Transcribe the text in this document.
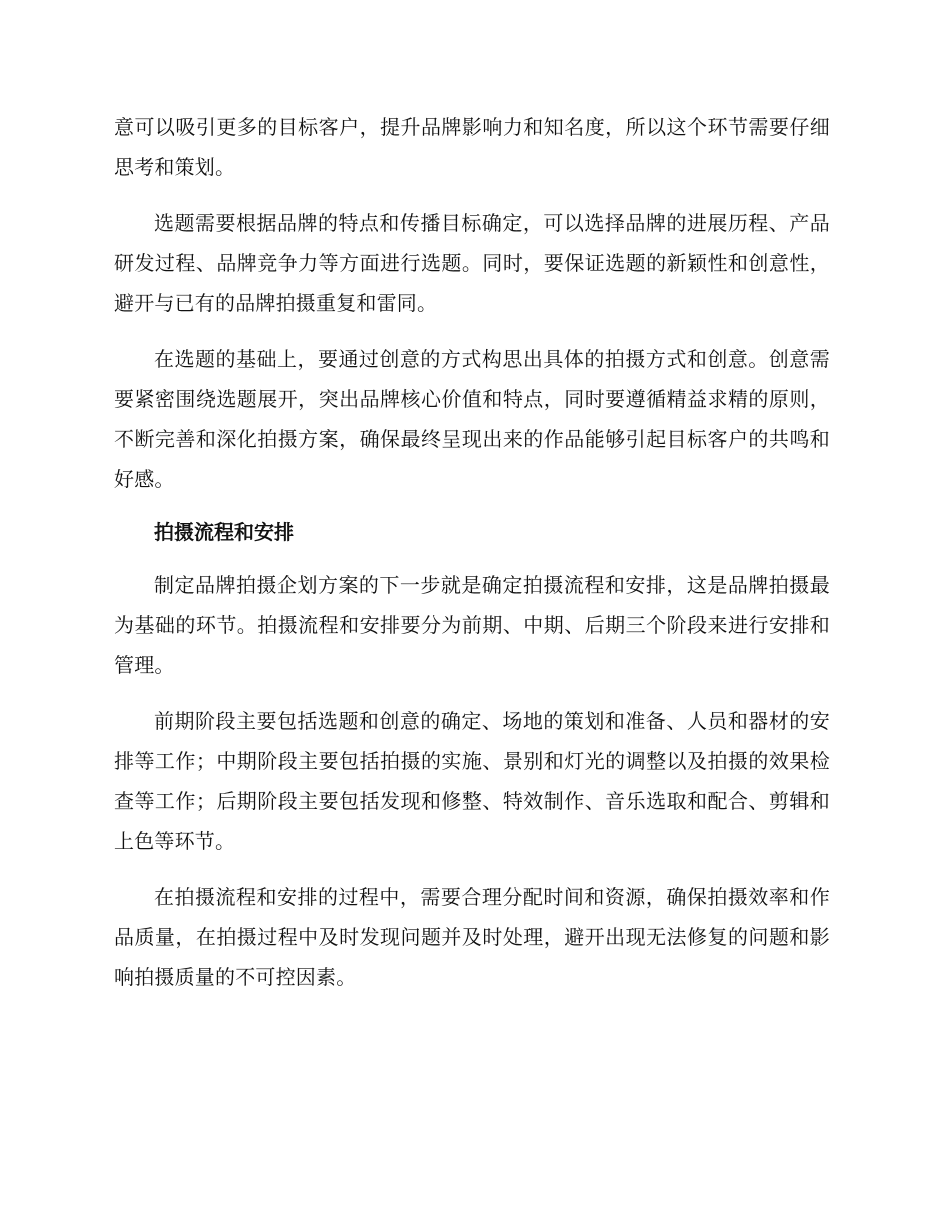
意可以吸引更多的目标客户，提升品牌影响力和知名度，所以这个环节需要仔细思考和策划。

选题需要根据品牌的特点和传播目标确定，可以选择品牌的进展历程、产品研发过程、品牌竞争力等方面进行选题。同时，要保证选题的新颖性和创意性，避开与已有的品牌拍摄重复和雷同。

在选题的基础上，要通过创意的方式构思出具体的拍摄方式和创意。创意需要紧密围绕选题展开，突出品牌核心价值和特点，同时要遵循精益求精的原则，不断完善和深化拍摄方案，确保最终呈现出来的作品能够引起目标客户的共鸣和好感。

拍摄流程和安排

制定品牌拍摄企划方案的下一步就是确定拍摄流程和安排，这是品牌拍摄最为基础的环节。拍摄流程和安排要分为前期、中期、后期三个阶段来进行安排和管理。

前期阶段主要包括选题和创意的确定、场地的策划和准备、人员和器材的安排等工作；中期阶段主要包括拍摄的实施、景别和灯光的调整以及拍摄的效果检查等工作；后期阶段主要包括发现和修整、特效制作、音乐选取和配合、剪辑和上色等环节。

在拍摄流程和安排的过程中，需要合理分配时间和资源，确保拍摄效率和作品质量，在拍摄过程中及时发现问题并及时处理，避开出现无法修复的问题和影响拍摄质量的不可控因素。
